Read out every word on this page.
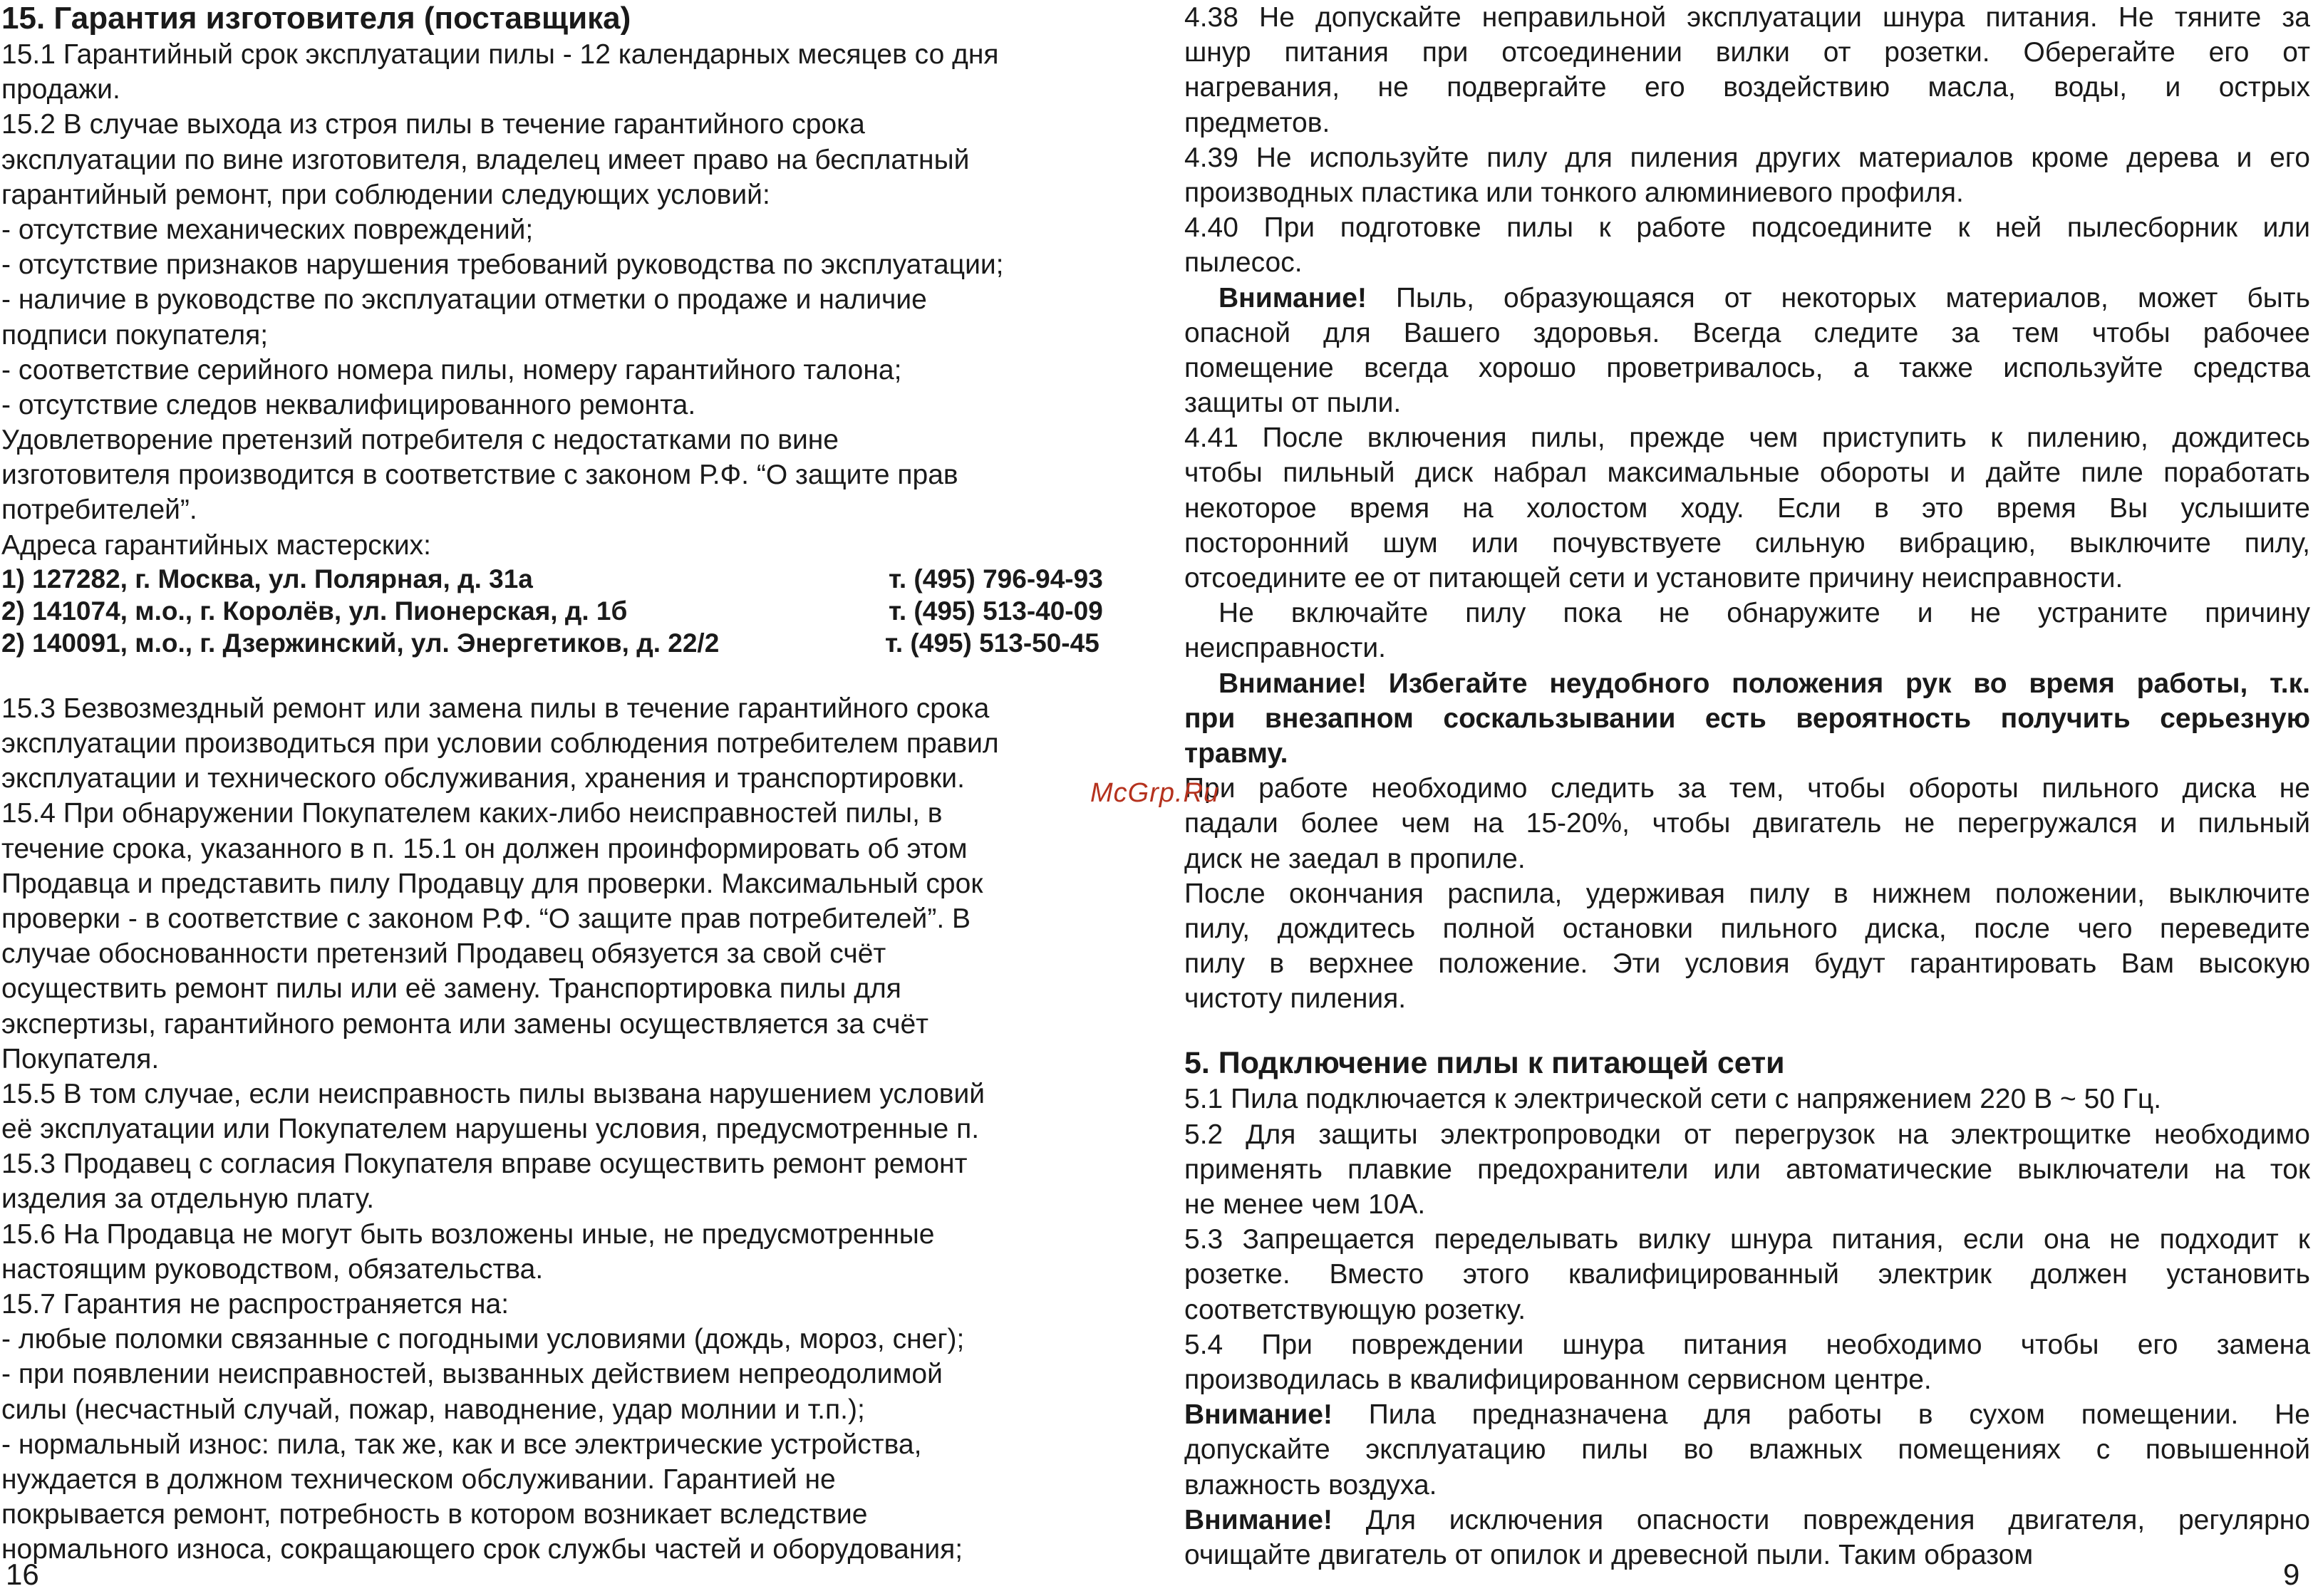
15. Гарантия изготовителя (поставщика)
15.1 Гарантийный срок эксплуатации пилы - 12 календарных месяцев со дня
продажи.
15.2 В случае выхода из строя пилы в течение гарантийного срока
эксплуатации по вине изготовителя, владелец имеет право на бесплатный
гарантийный ремонт, при соблюдении следующих условий:
- отсутствие механических повреждений;
- отсутствие признаков нарушения требований руководства по эксплуатации;
- наличие в руководстве по эксплуатации отметки о продаже и наличие
подписи покупателя;
- соответствие серийного номера пилы, номеру гарантийного талона;
- отсутствие следов неквалифицированного ремонта.
Удовлетворение претензий потребителя с недостатками по вине
изготовителя производится в соответствие с законом Р.Ф. “О защите прав
потребителей”.
Адреса гарантийных мастерских:
1) 127282, г. Москва, ул. Полярная, д. 31а	т. (495) 796-94-93
2) 141074, м.о., г. Королёв, ул. Пионерская, д. 1б	т. (495) 513-40-09
2) 140091, м.о., г. Дзержинский, ул. Энергетиков, д. 22/2	т. (495) 513-50-45
15.3 Безвозмездный ремонт или замена пилы в течение гарантийного срока
эксплуатации производиться при условии соблюдения потребителем правил
эксплуатации и технического обслуживания, хранения и транспортировки.
15.4 При обнаружении Покупателем каких-либо неисправностей пилы, в
течение срока, указанного в п. 15.1 он должен проинформировать об этом
Продавца и представить пилу Продавцу для проверки. Максимальный срок
проверки - в соответствие с законом Р.Ф. “О защите прав потребителей”. В
случае обоснованности претензий Продавец обязуется за свой счёт
осуществить ремонт пилы или её замену. Транспортировка пилы для
экспертизы, гарантийного ремонта или замены осуществляется за счёт
Покупателя.
15.5 В том случае, если неисправность пилы вызвана нарушением условий
её эксплуатации или Покупателем нарушены условия, предусмотренные п.
15.3 Продавец с согласия Покупателя вправе осуществить ремонт ремонт
изделия за отдельную плату.
15.6 На Продавца не могут быть возложены иные, не предусмотренные
настоящим руководством, обязательства.
15.7 Гарантия не распространяется на:
- любые поломки связанные с погодными условиями (дождь, мороз, снег);
- при появлении неисправностей, вызванных действием непреодолимой
силы (несчастный случай, пожар, наводнение, удар молнии и т.п.);
- нормальный износ: пила, так же, как и все электрические устройства,
нуждается в должном техническом обслуживании. Гарантией не
покрывается ремонт, потребность в котором возникает вследствие
нормального износа, сокращающего срок службы частей и оборудования;
4.38 Не допускайте неправильной эксплуатации шнура питания. Не тяните за
шнур питания при отсоединении вилки от розетки. Оберегайте его от
нагревания, не подвергайте его воздействию масла, воды, и острых
предметов.
4.39 Не используйте пилу для пиления других материалов кроме дерева и его
производных пластика или тонкого алюминиевого профиля.
4.40 При подготовке пилы к работе подсоедините к ней пылесборник или
пылесос.
Внимание! Пыль, образующаяся от некоторых материалов, может быть
опасной для Вашего здоровья. Всегда следите за тем чтобы рабочее
помещение всегда хорошо проветривалось, а также используйте средства
защиты от пыли.
4.41 После включения пилы, прежде чем приступить к пилению, дождитесь
чтобы пильный диск набрал максимальные обороты и дайте пиле поработать
некоторое время на холостом ходу. Если в это время Вы услышите
посторонний шум или почувствуете сильную вибрацию, выключите пилу,
отсоедините ее от питающей сети и установите причину неисправности.
Не включайте пилу пока не обнаружите и не устраните причину
неисправности.
Внимание! Избегайте неудобного положения рук во время работы, т.к.
при внезапном соскальзывании есть вероятность получить серьезную
травму.
При работе необходимо следить за тем, чтобы обороты пильного диска не
падали более чем на 15-20%, чтобы двигатель не перегружался и пильный
диск не заедал в пропиле.
После окончания распила, удерживая пилу в нижнем положении, выключите
пилу, дождитесь полной остановки пильного диска, после чего переведите
пилу в верхнее положение. Эти условия будут гарантировать Вам высокую
чистоту пиления.
5. Подключение пилы к питающей сети
5.1 Пила подключается к электрической сети с напряжением 220 В ~ 50 Гц.
5.2 Для защиты электропроводки от перегрузок на электрощитке необходимо
применять плавкие предохранители или автоматические выключатели на ток
не менее чем 10А.
5.3 Запрещается переделывать вилку шнура питания, если она не подходит к
розетке. Вместо этого квалифицированный электрик должен установить
соответствующую розетку.
5.4 При повреждении шнура питания необходимо чтобы его замена
производилась в квалифицированном сервисном центре.
Внимание! Пила предназначена для работы в сухом помещении. Не
допускайте эксплуатацию пилы во влажных помещениях с повышенной
влажность воздуха.
Внимание! Для исключения опасности повреждения двигателя, регулярно
очищайте двигатель от опилок и древесной пыли. Таким образом
McGrp.Ru
16	9
